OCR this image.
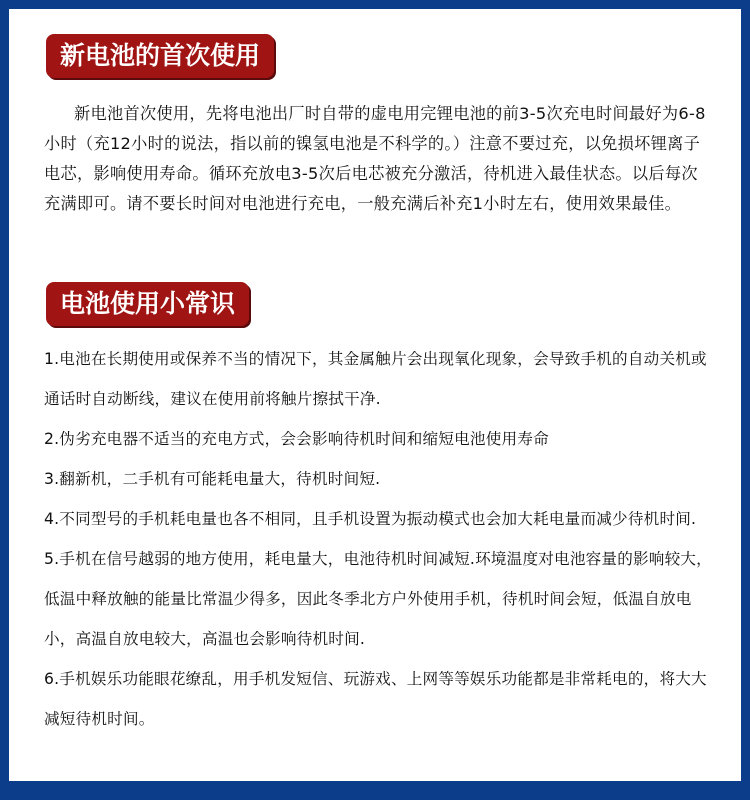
新电池的首次使用

新电池首次使用，先将电池出厂时自带的虚电用完锂电池的前3-5次充电时间最好为6-8小时（充12小时的说法，指以前的镍氢电池是不科学的。）注意不要过充，以免损坏锂离子电芯，影响使用寿命。循环充放电3-5次后电芯被充分激活，待机进入最佳状态。以后每次充满即可。请不要长时间对电池进行充电，一般充满后补充1小时左右，使用效果最佳。

电池使用小常识
1.电池在长期使用或保养不当的情况下，其金属触片会出现氧化现象，会导致手机的自动关机或通话时自动断线，建议在使用前将触片擦拭干净.
2.伪劣充电器不适当的充电方式，会会影响待机时间和缩短电池使用寿命
3.翻新机，二手机有可能耗电量大，待机时间短.
4.不同型号的手机耗电量也各不相同，且手机设置为振动模式也会加大耗电量而减少待机时间.
5.手机在信号越弱的地方使用，耗电量大，电池待机时间减短.环境温度对电池容量的影响较大，低温中释放触的能量比常温少得多，因此冬季北方户外使用手机，待机时间会短，低温自放电小，高温自放电较大，高温也会影响待机时间.
6.手机娱乐功能眼花缭乱，用手机发短信、玩游戏、上网等等娱乐功能都是非常耗电的，将大大减短待机时间。
